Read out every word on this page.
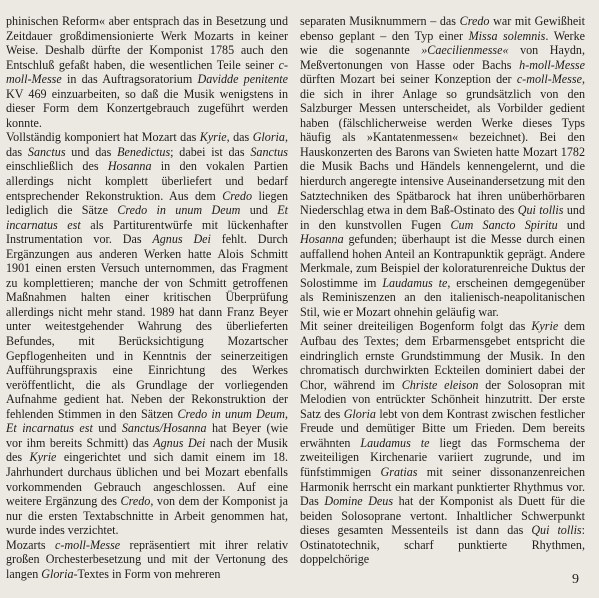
phinischen Reform« aber entsprach das in Besetzung und Zeitdauer großdimensionierte Werk Mozarts in keiner Weise. Deshalb dürfte der Komponist 1785 auch den Entschluß gefaßt haben, die wesentlichen Teile seiner c-moll-Messe in das Auftragsoratorium Davidde penitente KV 469 einzuarbeiten, so daß die Musik wenigstens in dieser Form dem Konzertgebrauch zugeführt werden konnte.

Vollständig komponiert hat Mozart das Kyrie, das Gloria, das Sanctus und das Benedictus; dabei ist das Sanctus einschließlich des Hosanna in den vokalen Partien allerdings nicht komplett überliefert und bedarf entsprechender Rekonstruktion. Aus dem Credo liegen lediglich die Sätze Credo in unum Deum und Et incarnatus est als Partiturentwürfe mit lückenhafter Instrumentation vor. Das Agnus Dei fehlt. Durch Ergänzungen aus anderen Werken hatte Alois Schmitt 1901 einen ersten Versuch unternommen, das Fragment zu komplettieren; manche der von Schmitt getroffenen Maßnahmen halten einer kritischen Überprüfung allerdings nicht mehr stand. 1989 hat dann Franz Beyer unter weitestgehender Wahrung des überlieferten Befundes, mit Berücksichtigung Mozartscher Gepflogenheiten und in Kenntnis der seinerzeitigen Aufführungspraxis eine Einrichtung des Werkes veröffentlicht, die als Grundlage der vorliegenden Aufnahme gedient hat. Neben der Rekonstruktion der fehlenden Stimmen in den Sätzen Credo in unum Deum, Et incarnatus est und Sanctus/Hosanna hat Beyer (wie vor ihm bereits Schmitt) das Agnus Dei nach der Musik des Kyrie eingerichtet und sich damit einem im 18. Jahrhundert durchaus üblichen und bei Mozart ebenfalls vorkommenden Gebrauch angeschlossen. Auf eine weitere Ergänzung des Credo, von dem der Komponist ja nur die ersten Textabschnitte in Arbeit genommen hat, wurde indes verzichtet.

Mozarts c-moll-Messe repräsentiert mit ihrer relativ großen Orchesterbesetzung und mit der Vertonung des langen Gloria-Textes in Form von mehreren

separaten Musiknummern – das Credo war mit Gewißheit ebenso geplant – den Typ einer Missa solemnis. Werke wie die sogenannte »Caecilienmesse« von Haydn, Meßvertonungen von Hasse oder Bachs h-moll-Messe dürften Mozart bei seiner Konzeption der c-moll-Messe, die sich in ihrer Anlage so grundsätzlich von den Salzburger Messen unterscheidet, als Vorbilder gedient haben (fälschlicherweise werden Werke dieses Typs häufig als »Kantatenmessen« bezeichnet). Bei den Hauskonzerten des Barons van Swieten hatte Mozart 1782 die Musik Bachs und Händels kennengelernt, und die hierdurch angeregte intensive Auseinandersetzung mit den Satztechniken des Spätbarock hat ihren unüberhörbaren Niederschlag etwa in dem Baß-Ostinato des Qui tollis und in den kunstvollen Fugen Cum Sancto Spiritu und Hosanna gefunden; überhaupt ist die Messe durch einen auffallend hohen Anteil an Kontrapunktik geprägt. Andere Merkmale, zum Beispiel der koloraturenreiche Duktus der Solostimme im Laudamus te, erscheinen demgegenüber als Reminiszenzen an den italienisch-neapolitanischen Stil, wie er Mozart ohnehin geläufig war.

Mit seiner dreiteiligen Bogenform folgt das Kyrie dem Aufbau des Textes; dem Erbarmensgebet entspricht die eindringlich ernste Grundstimmung der Musik. In den chromatisch durchwirkten Eckteilen dominiert dabei der Chor, während im Christe eleison der Solosopran mit Melodien von entrückter Schönheit hinzutritt. Der erste Satz des Gloria lebt von dem Kontrast zwischen festlicher Freude und demütiger Bitte um Frieden. Dem bereits erwähnten Laudamus te liegt das Formschema der zweiteiligen Kirchenarie variiert zugrunde, und im fünfstimmigen Gratias mit seiner dissonanzenreichen Harmonik herrscht ein markant punktierter Rhythmus vor. Das Domine Deus hat der Komponist als Duett für die beiden Solosoprane vertont. Inhaltlicher Schwerpunkt dieses gesamten Messenteils ist dann das Qui tollis: Ostinatotechnik, scharf punktierte Rhythmen, doppelchörige

9
